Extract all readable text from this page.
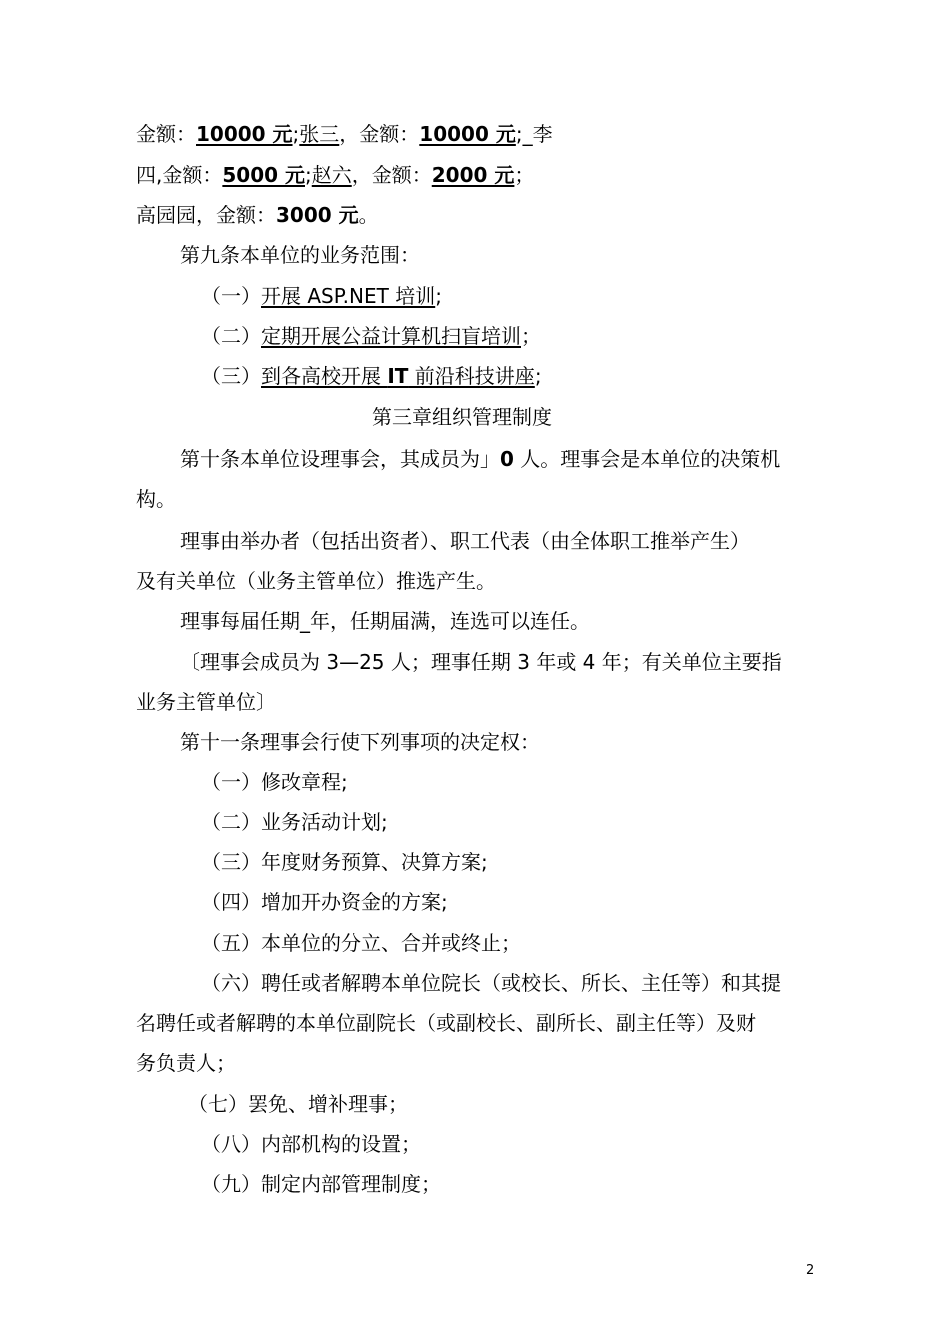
金额：10000 元;张三，金额：10000 元;_李
四,金额：5000 元;赵六，金额：2000 元；
高园园，金额：3000 元。
第九条本单位的业务范围：
（一）开展 ASP.NET 培训;
（二）定期开展公益计算机扫盲培训；
（三）到各高校开展 IT 前沿科技讲座;
第三章组织管理制度
第十条本单位设理事会，其成员为」0 人。理事会是本单位的决策机
构。
理事由举办者（包括出资者）、职工代表（由全体职工推举产生）
及有关单位（业务主管单位）推选产生。
理事每届任期_年，任期届满，连选可以连任。
〔理事会成员为 3—25 人；理事任期 3 年或 4 年；有关单位主要指
业务主管单位〕
第十一条理事会行使下列事项的决定权：
（一）修改章程;
（二）业务活动计划;
（三）年度财务预算、决算方案;
（四）增加开办资金的方案;
（五）本单位的分立、合并或终止；
（六）聘任或者解聘本单位院长（或校长、所长、主任等）和其提
名聘任或者解聘的本单位副院长（或副校长、副所长、副主任等）及财
务负责人；
（七）罢免、增补理事；
（八）内部机构的设置；
（九）制定内部管理制度；
2
